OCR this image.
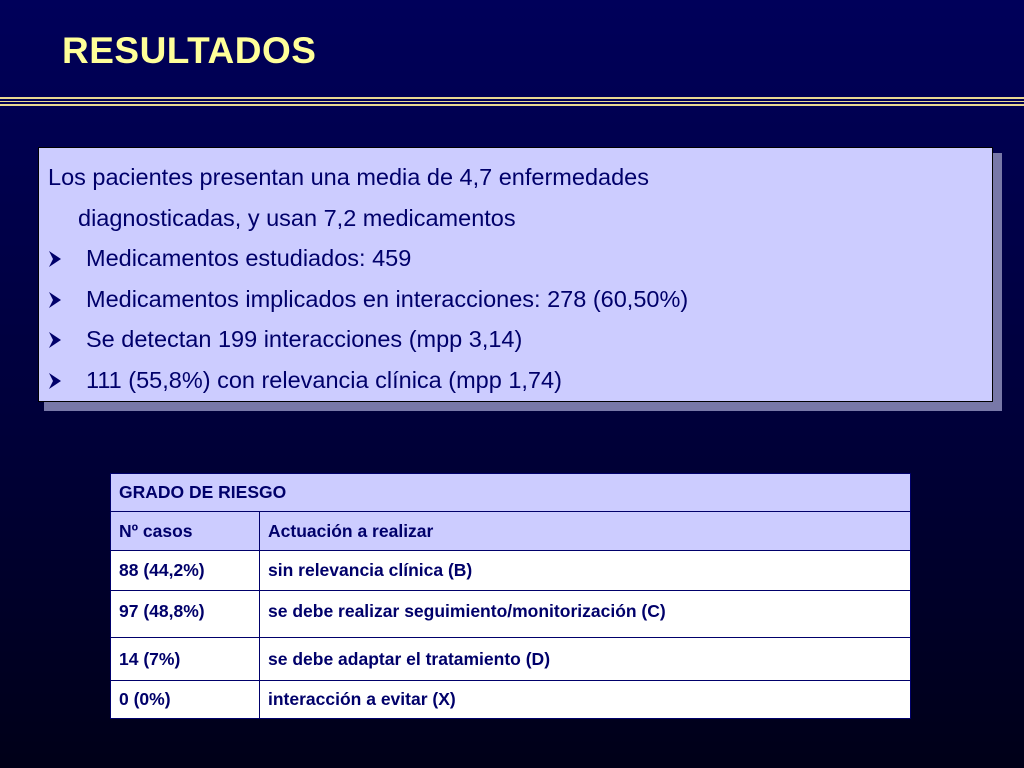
RESULTADOS
Los pacientes presentan una media de 4,7 enfermedades
diagnosticadas, y usan 7,2 medicamentos
Medicamentos estudiados: 459
Medicamentos implicados en interacciones: 278 (60,50%)
Se detectan 199 interacciones (mpp 3,14)
111 (55,8%) con relevancia clínica (mpp 1,74)
GRADO DE RIESGO	
Nº casos	Actuación a realizar
88 (44,2%)	sin relevancia clínica (B)
97 (48,8%)	se debe realizar seguimiento/monitorización (C)
14 (7%)	se debe adaptar el tratamiento (D)
0 (0%)	interacción a evitar (X)
